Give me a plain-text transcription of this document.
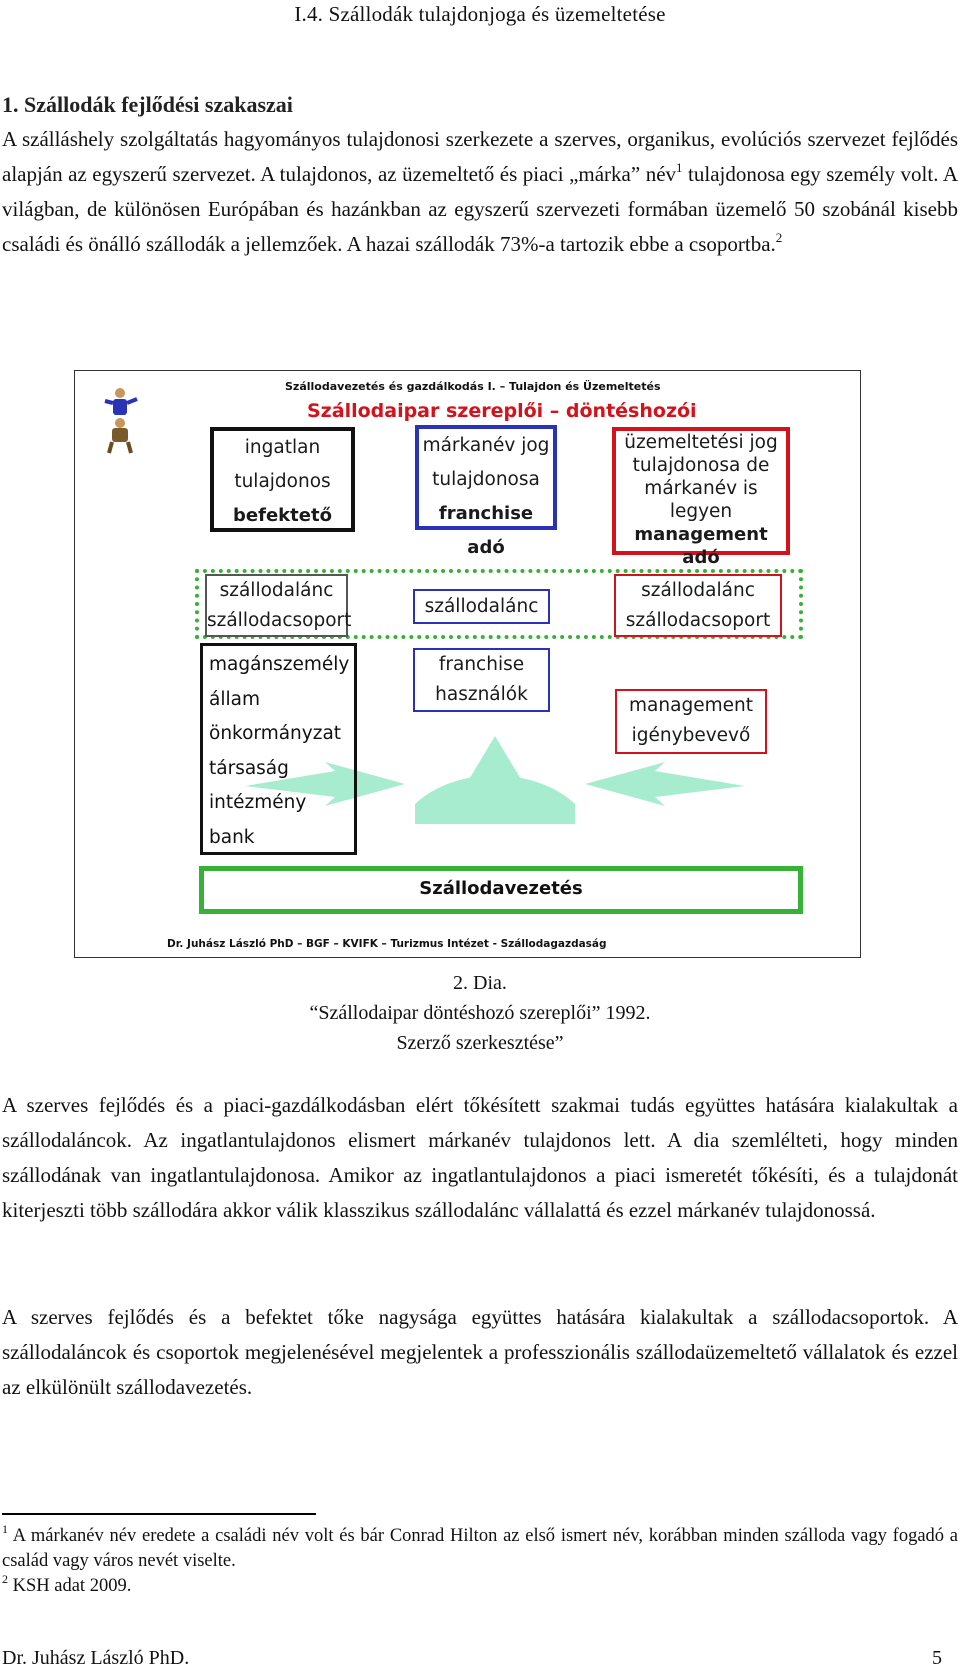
I.4. Szállodák tulajdonjoga és üzemeltetése
1. Szállodák fejlődési szakaszai
A szálláshely szolgáltatás hagyományos tulajdonosi szerkezete a szerves, organikus, evolúciós szervezet fejlődés alapján az egyszerű szervezet. A tulajdonos, az üzemeltető és piaci „márka” név$^1$ tulajdonosa egy személy volt. A világban, de különösen Európában és hazánkban az egyszerű szervezeti formában üzemelő 50 szobánál kisebb családi és önálló szállodák a jellemzőek. A hazai szállodák 73%-a tartozik ebbe a csoportba.$^2$
Szállodavezetés és gazdálkodás I. – Tulajdon és Üzemeltetés
Szállodaipar szereplői – döntéshozói
ingatlan
tulajdonos
befektető
márkanév jog
tulajdonosa
franchise adó
üzemeltetési jog
tulajdonosa de
márkanév is
legyen
management adó
szállodalánc
szállodacsoport
szállodalánc
szállodalánc
szállodacsoport
magánszemély
állam
önkormányzat
társaság
intézmény
bank
franchise
használók
management
igénybevevő
Szállodavezetés
Dr. Juhász László PhD – BGF – KVIFK – Turizmus Intézet - Szállodagazdaság
2. Dia.
“Szállodaipar döntéshozó szereplői” 1992.
Szerző szerkesztése”
A szerves fejlődés és a piaci-gazdálkodásban elért tőkésített szakmai tudás együttes hatására kialakultak a szállodaláncok. Az ingatlantulajdonos elismert márkanév tulajdonos lett. A dia szemlélteti, hogy minden szállodának van ingatlantulajdonosa. Amikor az ingatlantulajdonos a piaci ismeretét tőkésíti, és a tulajdonát kiterjeszti több szállodára akkor válik klasszikus szállodalánc vállalattá és ezzel márkanév tulajdonossá.
A szerves fejlődés és a befektet tőke nagysága együttes hatására kialakultak a szállodacsoportok. A szállodaláncok és csoportok megjelenésével megjelentek a professzionális szállodaüzemeltető vállalatok és ezzel az elkülönült szállodavezetés.
$^1$ A márkanév név eredete a családi név volt és bár Conrad Hilton az első ismert név, korábban minden szálloda vagy fogadó a család vagy város nevét viselte.
$^2$ KSH adat 2009.
Dr. Juhász László PhD.	5
